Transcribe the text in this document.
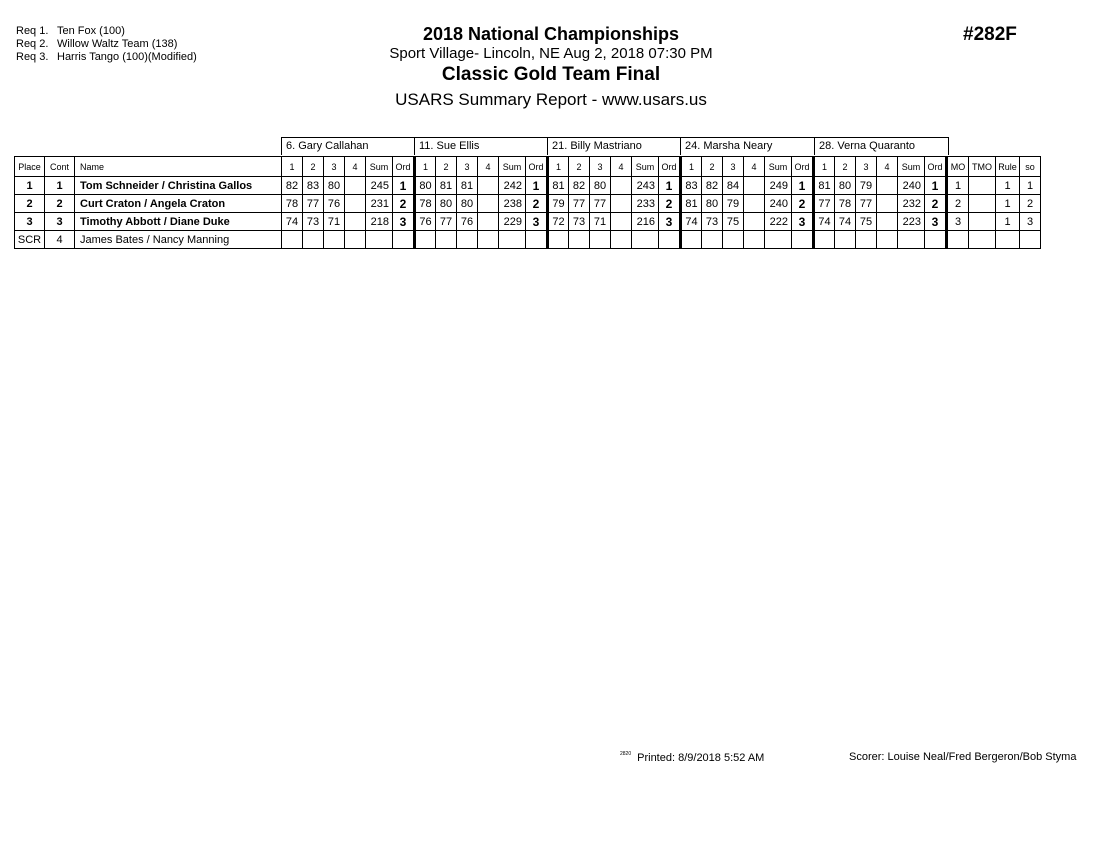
Req 1. Ten Fox (100)
Req 2. Willow Waltz Team (138)
Req 3. Harris Tango (100)(Modified)
2018 National Championships
Sport Village- Lincoln, NE Aug 2, 2018 07:30 PM
Classic Gold Team Final
USARS Summary Report - www.usars.us
#282F
6. Gary Callahan	11. Sue Ellis	21. Billy Mastriano	24. Marsha Neary	28. Verna Quaranto
Place	Cont	Name	1	2	3	4	Sum	Ord	1	2	3	4	Sum	Ord	1	2	3	4	Sum	Ord	1	2	3	4	Sum	Ord	1	2	3	4	Sum	Ord	MO	TMO	Rule	so
1	1	Tom Schneider / Christina Gallos	82	83	80		245	1	80	81	81		242	1	81	82	80		243	1	83	82	84		249	1	81	80	79		240	1	1		1	1
2	2	Curt Craton / Angela Craton	78	77	76		231	2	78	80	80		238	2	79	77	77		233	2	81	80	79		240	2	77	78	77		232	2	2		1	2
3	3	Timothy Abbott / Diane Duke	74	73	71		218	3	76	77	76		229	3	72	73	71		216	3	74	73	75		222	3	74	74	75		223	3	3		1	3
SCR	4	James Bates / Nancy Manning																																		
$^{2820}$ Printed: 8/9/2018 5:52 AM	Scorer: Louise Neal/Fred Bergeron/Bob Styma
